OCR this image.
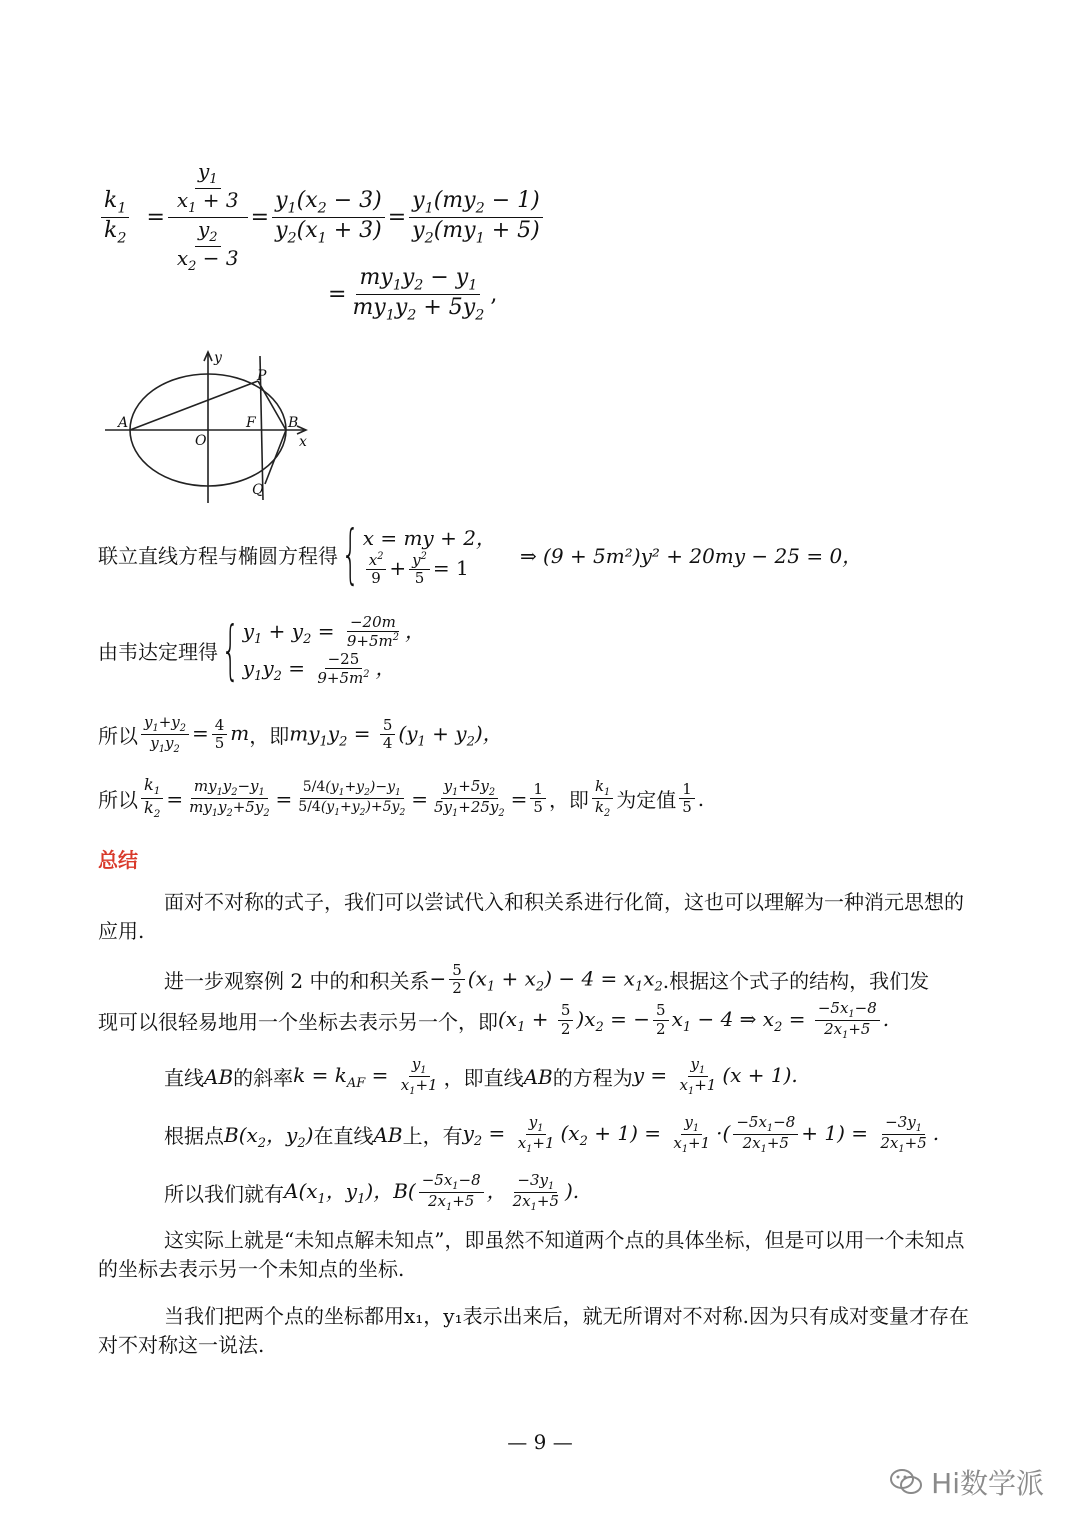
$\frac{k_1}{k_2} = \frac{\frac{y_1}{x_1 + 3}}{\frac{y_2}{x_2 - 3}} = \frac{y_1(x_2 - 3)}{y_2(x_1 + 3)} = \frac{y_1(my_2 - 1)}{y_2(my_1 + 5)}$
= $\frac{my_1y_2 - y_1}{my_1y_2 + 5y_2}$ ,
y
P
A	F B
x
O
Q
联立直线方程与椭圆方程得 { x = my + 2，
$\frac{x^2}{9} + \frac{y^2}{5} = 1$	⇒ (9 + 5m²)y² + 20my − 25 = 0，
由韦达定理得 { $y_1 + y_2 = \frac{-20m}{9+5m^2}$ ，
$y_1y_2 = \frac{-25}{9+5m^2}$ ，
所以 $\frac{y_1+y_2}{y_1y_2} = \frac{4}{5}$ m ，即 $my_1y_2 = \frac{5}{4} (y_1 + y_2)$，
所以 $\frac{k_1}{k_2} = \frac{my_1y_2-y_1}{my_1y_2+5y_2} = \frac{5/4(y_1+y_2)-y_1}{5/4(y_1+y_2)+5y_2} = \frac{y_1+5y_2}{5y_1+25y_2} = \frac{1}{5}$ ，即 $\frac{k_1}{k_2}$ 为定值 $\frac{1}{5}$ .
总结
面对不对称的式子，我们可以尝试代入和积关系进行化简，这也可以理解为一种消元思想的应用.
进一步观察例 2 中的和积关系 − $\frac{5}{2} (x_1 + x_2) - 4 = x_1x_2$ .根据这个式子的结构，我们发
现可以很轻易地用一个坐标去表示另一个，即 $(x_1 + \frac{5}{2} )x_2$ = − $\frac{5}{2} x_1 - 4$ ⇒ $x_2 = \frac{-5x_1-8}{2x_1+5}$ .
直线 AB 的斜率 $k = k_{AF} = \frac{y_1}{x_1+1}$ ，即直线 AB 的方程为 $y = \frac{y_1}{x_1+1} (x + 1)$.
根据点 $B(x_2$，$y_2$) 在直线 AB 上，有 $y_2 = \frac{y_1}{x_1+1} (x_2 + 1) = \frac{y_1}{x_1+1}$ ·( $\frac{-5x_1-8}{2x_1+5} + 1) = \frac{-3y_1}{2x_1+5}$ .
所以我们就有 $A(x_1$，$y_1$)，$B( \frac{-5x_1-8}{2x_1+5}$ ， $\frac{-3y_1}{2x_1+5}$ ).
这实际上就是“未知点解未知点”，即虽然不知道两个点的具体坐标，但是可以用一个未知点的坐标去表示另一个未知点的坐标.
当我们把两个点的坐标都用x₁，y₁表示出来后，就无所谓对不对称.因为只有成对变量才存在对不对称这一说法.
— 9 —
Hi数学派
